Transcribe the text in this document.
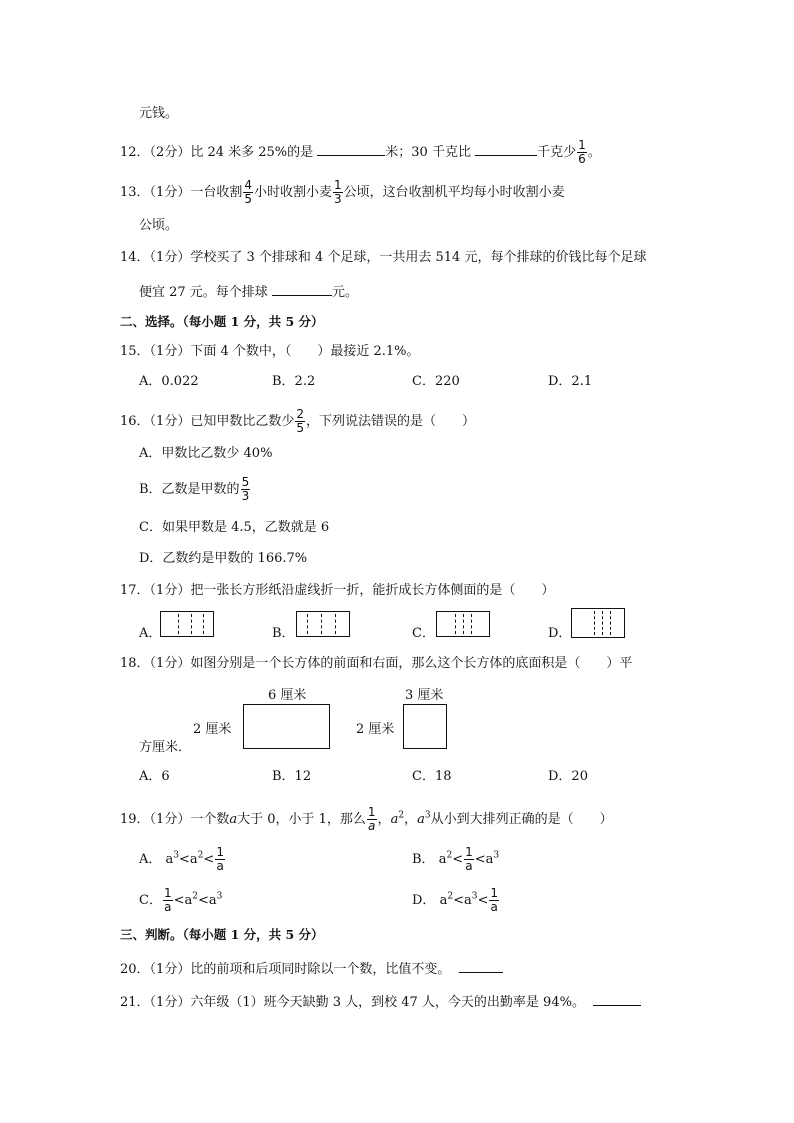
元钱。
12．（2分）比 24 米多 25%的是	米；30 千克比	千克少 $\frac{1}{6}$ 。
13．（1分）一台收割 $\frac{4}{5}$ 小时收割小麦 $\frac{1}{3}$ 公顷，这台收割机平均每小时收割小麦
公顷。
14．（1分）学校买了 3 个排球和 4 个足球，一共用去 514 元，每个排球的价钱比每个足球
便宜 27 元。每个排球	元。
二、选择。（每小题 1 分，共 5 分）
15．（1分）下面 4 个数中，（　　）最接近 2.1%。
A．0.022	B．2.2	C．220	D．2.1
16．（1分）已知甲数比乙数少 $\frac{2}{5}$ ，下列说法错误的是（　　）
A．甲数比乙数少 40%
B．乙数是甲数的 $\frac{5}{3}$
C．如果甲数是 4.5，乙数就是 6
D．乙数约是甲数的 166.7%
17．（1分）把一张长方形纸沿虚线折一折，能折成长方体侧面的是（　　）
A．	B．	C．	D．
18．（1分）如图分别是一个长方体的前面和右面，那么这个长方体的底面积是（　　）平
6 厘米
2 厘米
3 厘米
2 厘米
方厘米．
A．6	B．12	C．18	D．20
19．（1分）一个数a大于 0，小于 1，那么 $\frac{1}{a}$ ，$a^2$，$a^3$从小到大排列正确的是（　　）
A． $a^3<a^2< \frac{1}{a}$	B． $a^2< \frac{1}{a} <a^3$
C． $\frac{1}{a} <a^2<a^3$	D． $a^2<a^3< \frac{1}{a}$
三、判断。（每小题 1 分，共 5 分）
20．（1分）比的前项和后项同时除以一个数，比值不变。
21．（1分）六年级（1）班今天缺勤 3 人，到校 47 人，今天的出勤率是 94%。
